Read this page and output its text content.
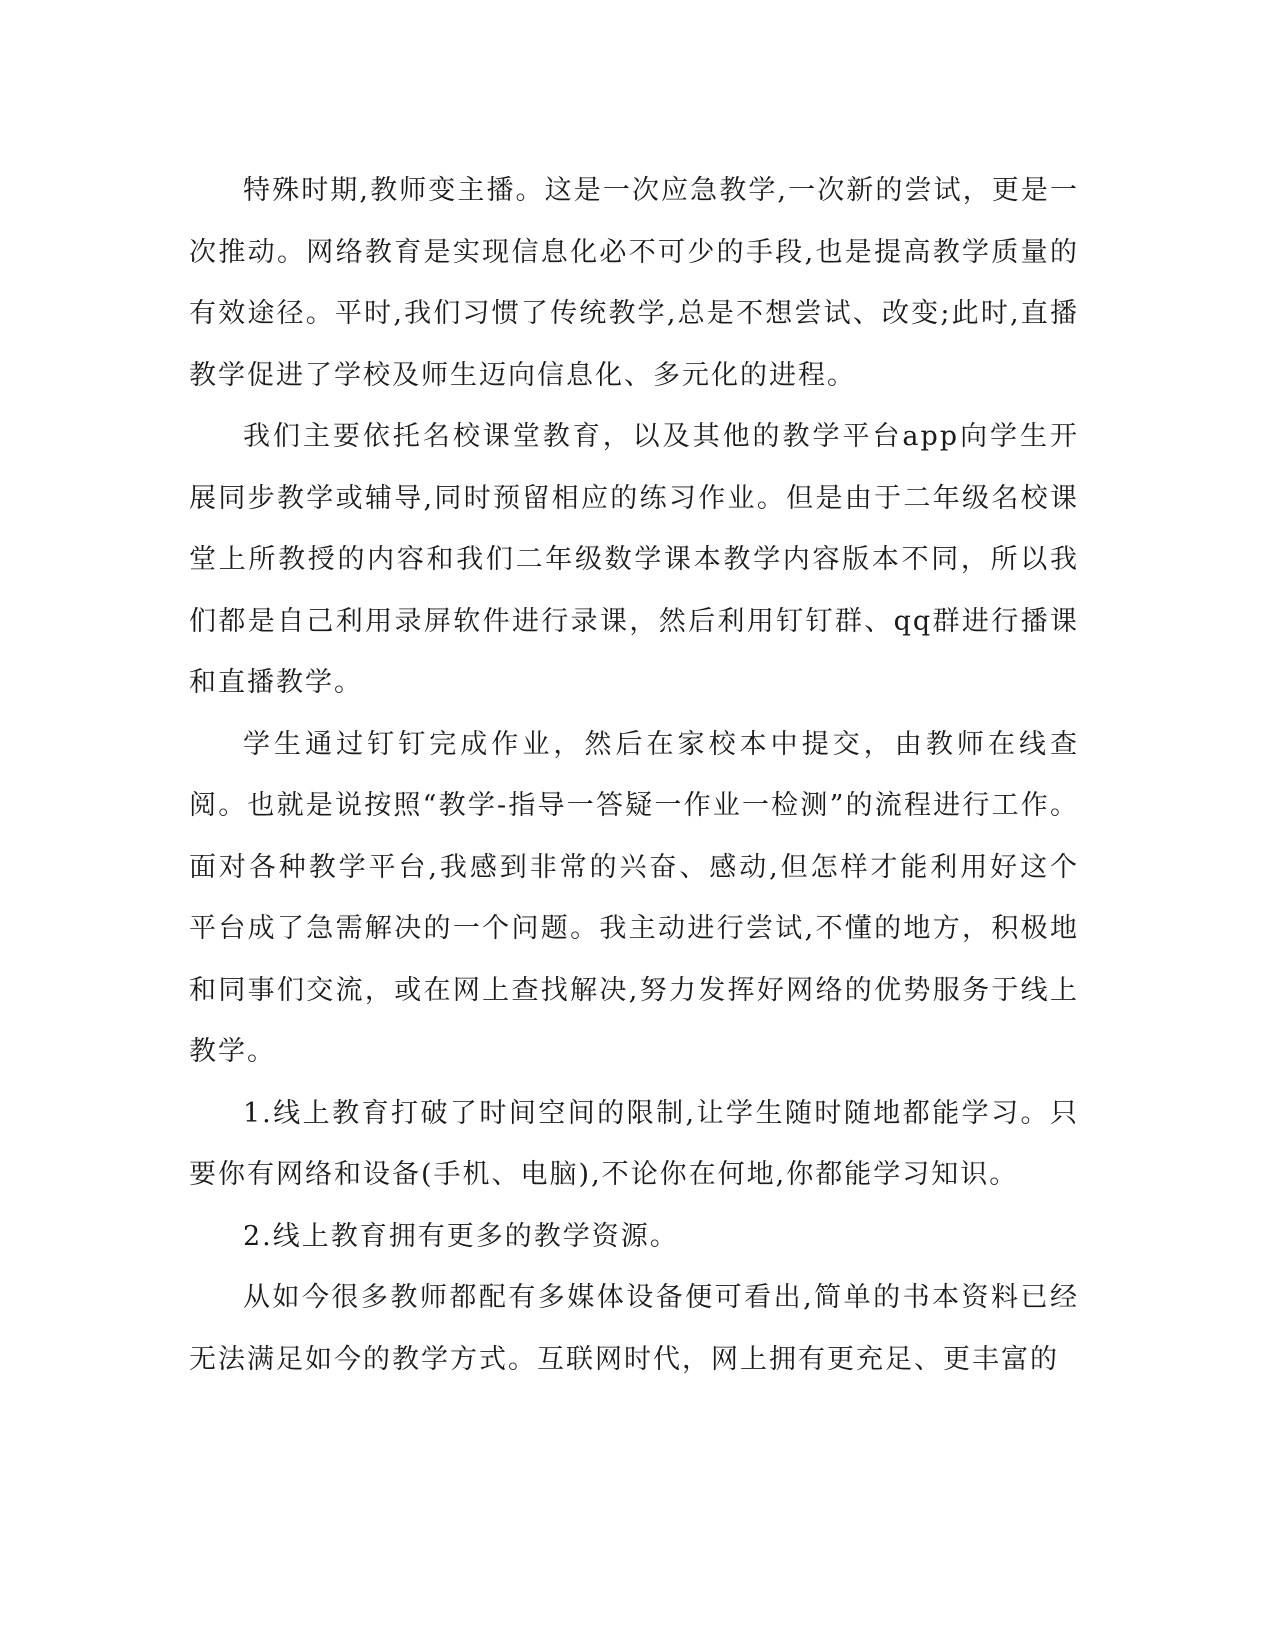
特殊时期,教师变主播。这是一次应急教学,一次新的尝试，更是一次推动。网络教育是实现信息化必不可少的手段,也是提高教学质量的有效途径。平时,我们习惯了传统教学,总是不想尝试、改变;此时,直播教学促进了学校及师生迈向信息化、多元化的进程。

我们主要依托名校课堂教育，以及其他的教学平台app向学生开展同步教学或辅导,同时预留相应的练习作业。但是由于二年级名校课堂上所教授的内容和我们二年级数学课本教学内容版本不同，所以我们都是自己利用录屏软件进行录课，然后利用钉钉群、qq群进行播课和直播教学。

学生通过钉钉完成作业，然后在家校本中提交，由教师在线查阅。也就是说按照“教学-指导一答疑一作业一检测”的流程进行工作。面对各种教学平台,我感到非常的兴奋、感动,但怎样才能利用好这个平台成了急需解决的一个问题。我主动进行尝试,不懂的地方，积极地和同事们交流，或在网上查找解决,努力发挥好网络的优势服务于线上教学。

1.线上教育打破了时间空间的限制,让学生随时随地都能学习。只要你有网络和设备(手机、电脑),不论你在何地,你都能学习知识。

2.线上教育拥有更多的教学资源。

从如今很多教师都配有多媒体设备便可看出,简单的书本资料已经无法满足如今的教学方式。互联网时代，网上拥有更充足、更丰富的
